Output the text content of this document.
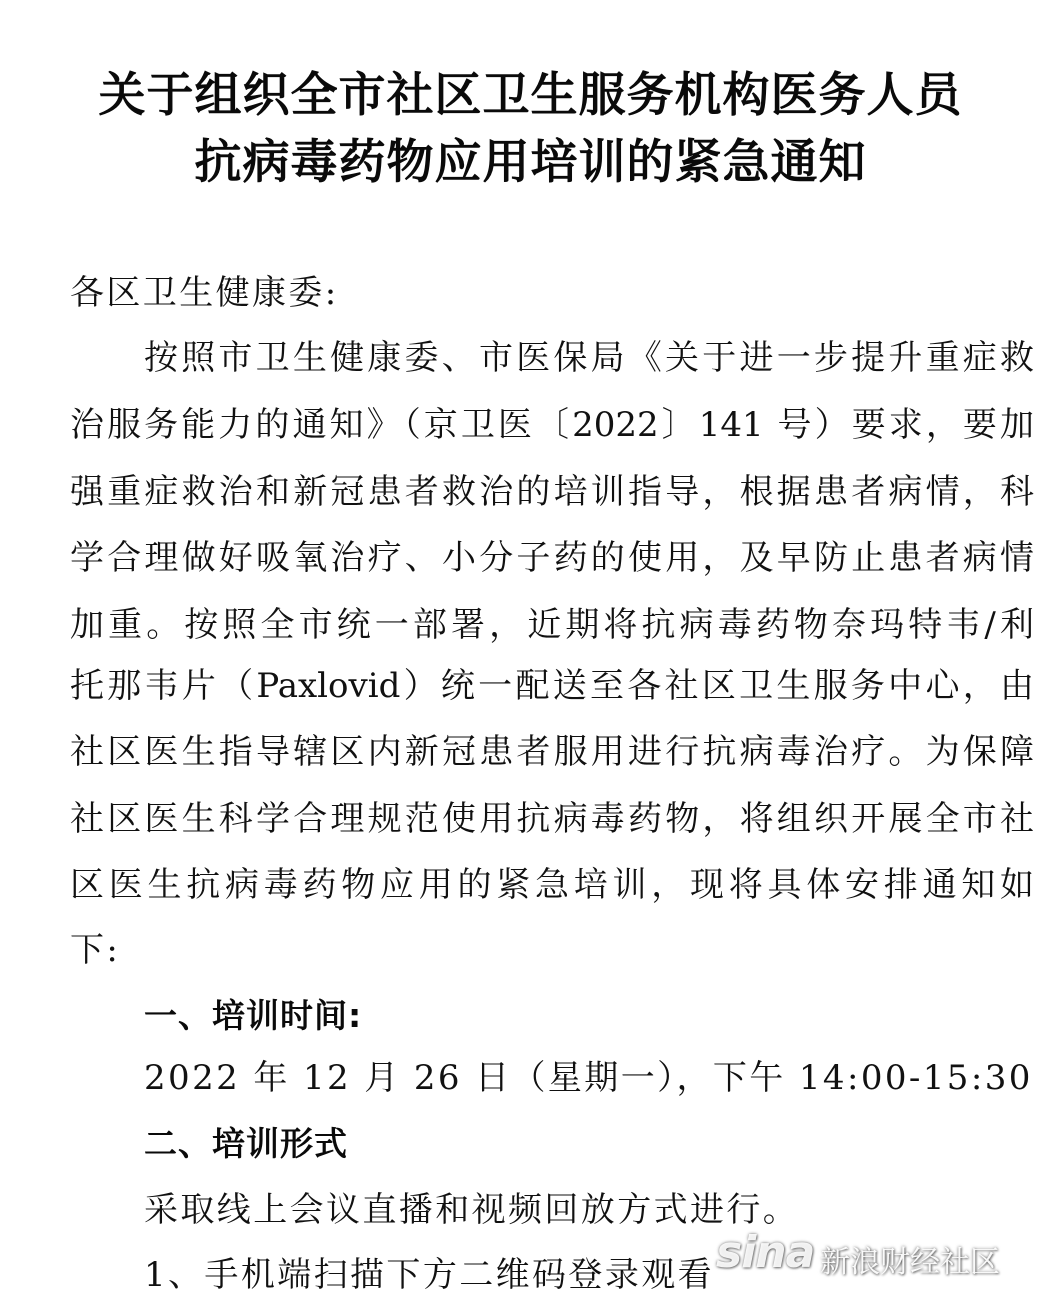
关于组织全市社区卫生服务机构医务人员
抗病毒药物应用培训的紧急通知
各区卫生健康委:
按照市卫生健康委、市医保局《关于进一步提升重症救
治服务能力的通知》（京卫医〔2022〕141 号）要求，要加
强重症救治和新冠患者救治的培训指导，根据患者病情，科
学合理做好吸氧治疗、小分子药的使用，及早防止患者病情
加重。按照全市统一部署，近期将抗病毒药物奈玛特韦/利
托那韦片（Paxlovid）统一配送至各社区卫生服务中心，由
社区医生指导辖区内新冠患者服用进行抗病毒治疗。为保障
社区医生科学合理规范使用抗病毒药物，将组织开展全市社
区医生抗病毒药物应用的紧急培训，现将具体安排通知如
下:
一、培训时间:
2022 年 12 月 26 日（星期一），下午 14:00-15:30
二、培训形式
采取线上会议直播和视频回放方式进行。
1、手机端扫描下方二维码登录观看 sina 新浪财经社区
